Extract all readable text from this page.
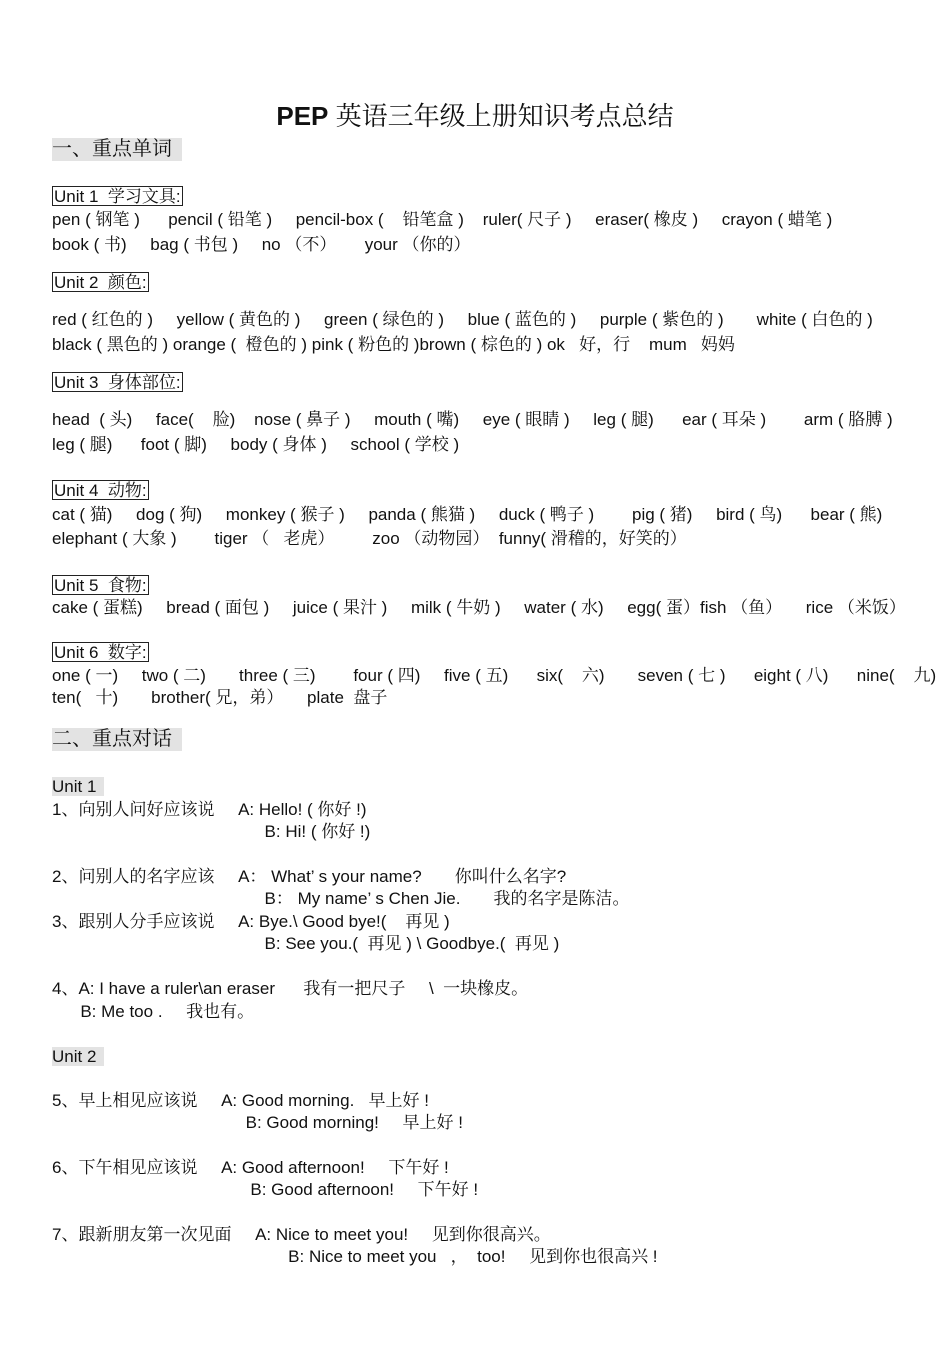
PEP 英语三年级上册知识考点总结
一、重点单词
Unit 1  学习文具:
pen ( 钢笔 )      pencil ( 铅笔 )     pencil-box (    铅笔盒 )    ruler( 尺子 )     eraser( 橡皮 )     crayon ( 蜡笔 )
book ( 书)     bag ( 书包 )     no （不）      your （你的）
Unit 2  颜色:
red ( 红色的 )     yellow ( 黄色的 )     green ( 绿色的 )     blue ( 蓝色的 )     purple ( 紫色的 )       white ( 白色的 )
black ( 黑色的 ) orange (  橙色的 ) pink ( 粉色的 )brown ( 棕色的 ) ok   好，行    mum   妈妈
Unit 3  身体部位:
head  ( 头)     face(    脸)    nose ( 鼻子 )     mouth ( 嘴)     eye ( 眼睛 )     leg ( 腿)      ear ( 耳朵 )        arm ( 胳膊 )
leg ( 腿)      foot ( 脚)     body ( 身体 )     school ( 学校 )
Unit 4  动物:
cat ( 猫)     dog ( 狗)     monkey ( 猴子 )     panda ( 熊猫 )     duck ( 鸭子 )        pig ( 猪)     bird ( 鸟)      bear ( 熊)
elephant ( 大象 )        tiger （   老虎）        zoo （动物园）  funny( 滑稽的，好笑的）
Unit 5  食物:
cake ( 蛋糕)     bread ( 面包 )     juice ( 果汁 )     milk ( 牛奶 )     water ( 水)     egg( 蛋）fish （鱼）     rice （米饭）
Unit 6  数字:
one ( 一)     two ( 二)       three ( 三)        four ( 四)     five ( 五)      six(    六)       seven ( 七 )      eight ( 八)      nine(    九)
ten(   十)       brother( 兄，弟）     plate  盘子
二、重点对话
Unit 1
1、向别人问好应该说     A: Hello! ( 你好 !)
B: Hi! ( 你好 !)
2、问别人的名字应该     A： What’ s your name?       你叫什么名字?
B： My name’ s Chen Jie.       我的名字是陈洁。
3、跟别人分手应该说     A: Bye.\ Good bye!(    再见 )
B: See you.(  再见 ) \ Goodbye.(  再见 )
4、A: I have a ruler\an eraser      我有一把尺子     \  一块橡皮。
B: Me too .     我也有。
Unit 2
5、早上相见应该说     A: Good morning.   早上好 !
B: Good morning!     早上好 !
6、下午相见应该说     A: Good afternoon!     下午好 !
B: Good afternoon!     下午好 !
7、跟新朋友第一次见面     A: Nice to meet you!     见到你很高兴。
B: Nice to meet you   ，  too!     见到你也很高兴 !
